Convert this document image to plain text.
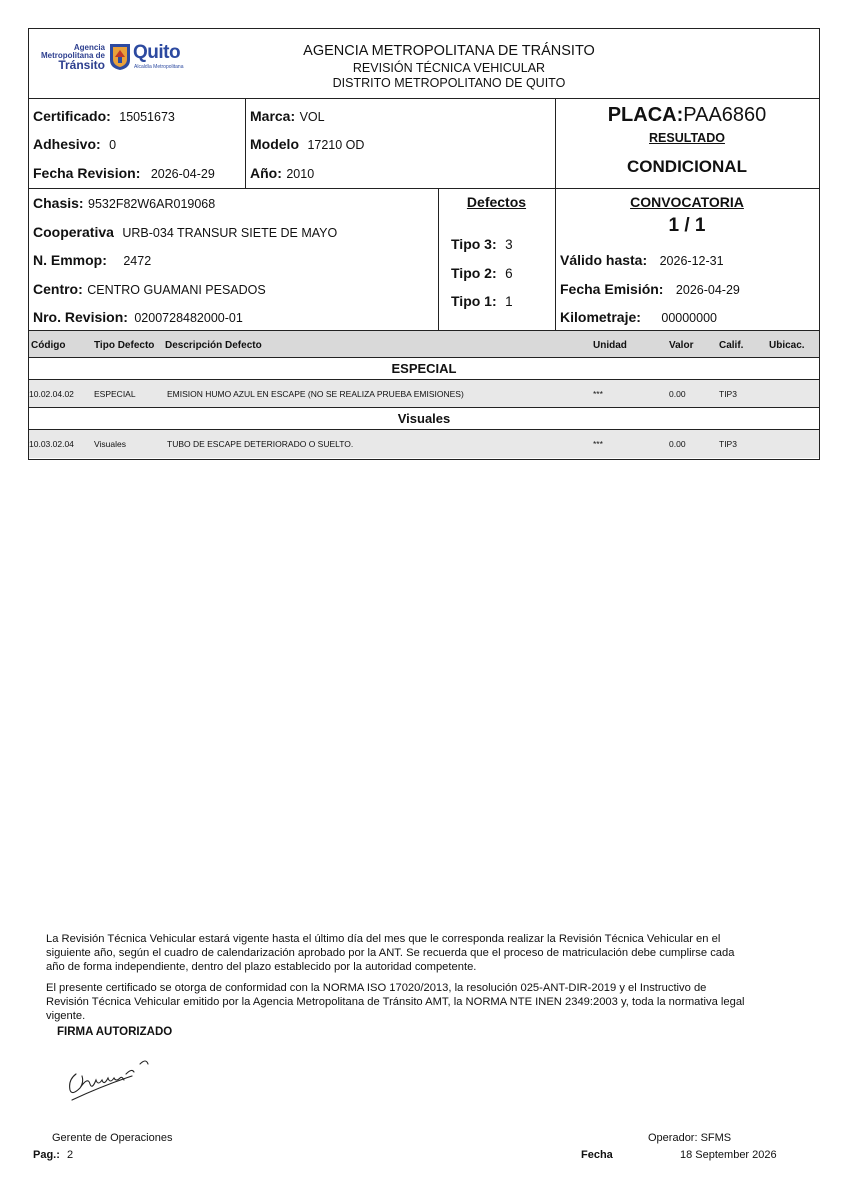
Agencia
Metropolitana de
Tránsito
Quito
Alcaldía Metropolitana
AGENCIA METROPOLITANA DE TRÁNSITO
REVISIÓN TÉCNICA VEHICULAR
DISTRITO METROPOLITANO DE QUITO
Certificado: 15051673
Adhesivo: 0
Fecha Revision: 2026-04-29
Marca: VOL
Modelo 17210 OD
Año: 2010
PLACA:PAA6860
RESULTADO
CONDICIONAL
Chasis: 9532F82W6AR019068
Cooperativa URB-034 TRANSUR SIETE DE MAYO
N. Emmop: 2472
Centro: CENTRO GUAMANI PESADOS
Nro. Revision: 0200728482000-01
Defectos
Tipo 3: 3
Tipo 2: 6
Tipo 1: 1
CONVOCATORIA
1 / 1
Válido hasta: 2026-12-31
Fecha Emisión: 2026-04-29
Kilometraje: 00000000
Código	Tipo Defecto Descripción Defecto	Unidad	Valor	Calif.	Ubicac.
ESPECIAL
10.02.04.02 ESPECIAL	EMISION HUMO AZUL EN ESCAPE (NO SE REALIZA PRUEBA EMISIONES)	***	0.00	TIP3
Visuales
10.03.02.04 Visuales	TUBO DE ESCAPE DETERIORADO O SUELTO.	***	0.00	TIP3
La Revisión Técnica Vehicular estará vigente hasta el último día del mes que le corresponda realizar la Revisión Técnica Vehicular en el siguiente año, según el cuadro de calendarización aprobado por la ANT. Se recuerda que el proceso de matriculación debe cumplirse cada año de forma independiente, dentro del plazo establecido por la autoridad competente.
El presente certificado se otorga de conformidad con la NORMA ISO 17020/2013, la resolución 025-ANT-DIR-2019 y el Instructivo de Revisión Técnica Vehicular emitido por la Agencia Metropolitana de Tránsito AMT, la NORMA NTE INEN 2349:2003 y, toda la normativa legal vigente.
FIRMA AUTORIZADO
Gerente de Operaciones	Operador: SFMS
Pag.: 2	Fecha	18 September 2026
